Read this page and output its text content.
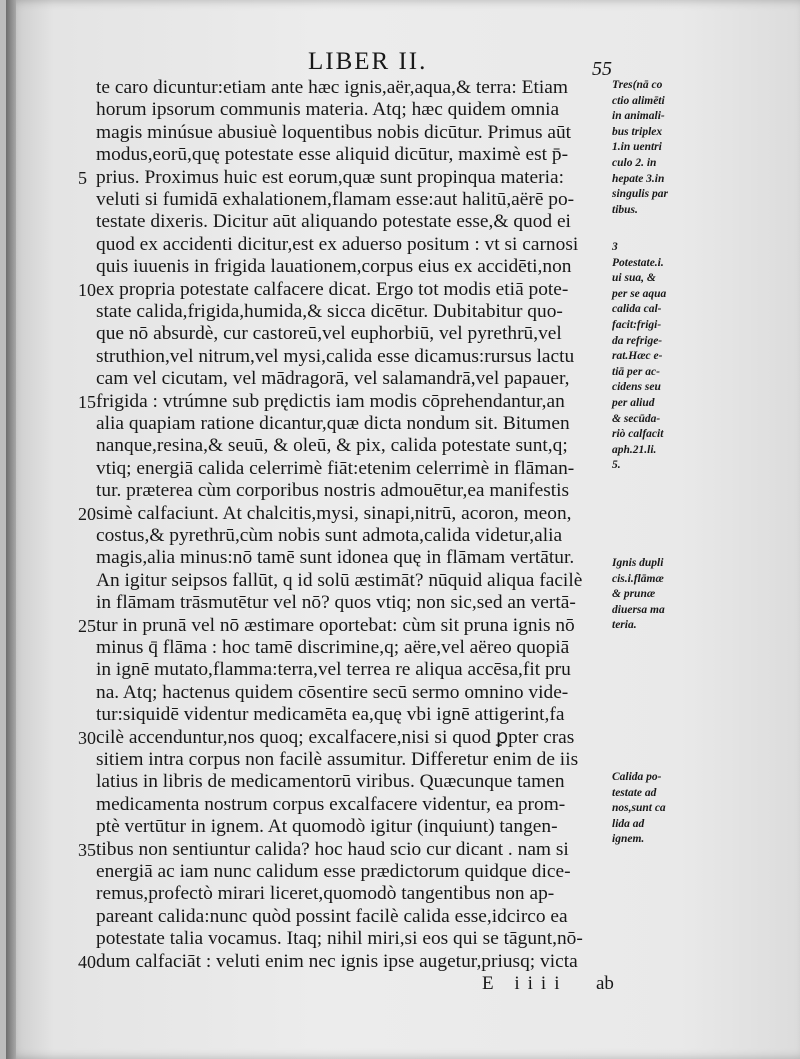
LIBER II.	55
te caro dicuntur:etiam ante hæc ignis,aër,aqua,& terra: Etiam
horum ipsorum communis materia. Atq; hæc quidem omnia
magis minúsue abusiuè loquentibus nobis dicūtur. Primus aūt
modus,eorū,quę potestate esse aliquid dicūtur, maximè est p̄-
5 prius. Proximus huic est eorum,quæ sunt propinqua materia:
veluti si fumidā exhalationem,flamam esse:aut halitū,aërē po-
testate dixeris. Dicitur aūt aliquando potestate esse,& quod ei
quod ex accidenti dicitur,est ex aduerso positum : vt si carnosi
quis iuuenis in frigida lauationem,corpus eius ex accidēti,non
10 ex propria potestate calfacere dicat. Ergo tot modis etiā pote-
state calida,frigida,humida,& sicca dicētur. Dubitabitur quo-
que nō absurdè, cur castoreū,vel euphorbiū, vel pyrethrū,vel
struthion,vel nitrum,vel mysi,calida esse dicamus:rursus lactu
cam vel cicutam, vel mādragorā, vel salamandrā,vel papauer,
15 frigida : vtrúmne sub prędictis iam modis cōprehendantur,an
alia quapiam ratione dicantur,quæ dicta nondum sit. Bitumen
nanque,resina,& seuū, & oleū, & pix, calida potestate sunt,q;
vtiq; energiā calida celerrimè fiāt:etenim celerrimè in flāman-
tur. præterea cùm corporibus nostris admouētur,ea manifestis
20 simè calfaciunt. At chalcitis,mysi, sinapi,nitrū, acoron, meon,
costus,& pyrethrū,cùm nobis sunt admota,calida videtur,alia
magis,alia minus:nō tamē sunt idonea quę in flāmam vertātur.
An igitur seipsos fallūt, q id solū æstimāt? nūquid aliqua facilè
in flāmam trāsmutētur vel nō? quos vtiq; non sic,sed an vertā-
25 tur in prunā vel nō æstimare oportebat: cùm sit pruna ignis nō
minus q̄ flāma : hoc tamē discrimine,q; aëre,vel aëreo quopiā
in ignē mutato,flamma:terra,vel terrea re aliqua accēsa,fit pru
na. Atq; hactenus quidem cōsentire secū sermo omnino vide-
tur:siquidē videntur medicamēta ea,quę vbi ignē attigerint,fa
30 cilè accenduntur,nos quoq; excalfacere,nisi si quod ꝑpter cras
sitiem intra corpus non facilè assumitur. Differetur enim de iis
latius in libris de medicamentorū viribus. Quæcunque tamen
medicamenta nostrum corpus excalfacere videntur, ea prom-
ptè vertūtur in ignem. At quomodò igitur (inquiunt) tangen-
35 tibus non sentiuntur calida? hoc haud scio cur dicant . nam si
energiā ac iam nunc calidum esse prædictorum quidque dice-
remus,profectò mirari liceret,quomodò tangentibus non ap-
pareant calida:nunc quòd possint facilè calida esse,idcirco ea
potestate talia vocamus. Itaq; nihil miri,si eos qui se tāgunt,nō-
40 dum calfaciāt : veluti enim nec ignis ipse augetur,priusq; victa
Tres(nā co
ctio alimēti
in animali-
bus triplex
1.in uentri
culo 2. in
hepate 3.in
singulis par
tibus.
3
Potestate.i.
ui sua, &
per se aqua
calida cal-
facit:frigi-
da refrige-
rat.Hæc e-
tiā per ac-
cidens seu
per aliud
& secūda-
riò calfacit
aph.21.li.
5.
Ignis dupli
cis.i.flāmæ
& prunæ
diuersa ma
teria.
Calida po-
testate ad
nos,sunt ca
lida ad
ignem.
E iiii ab
